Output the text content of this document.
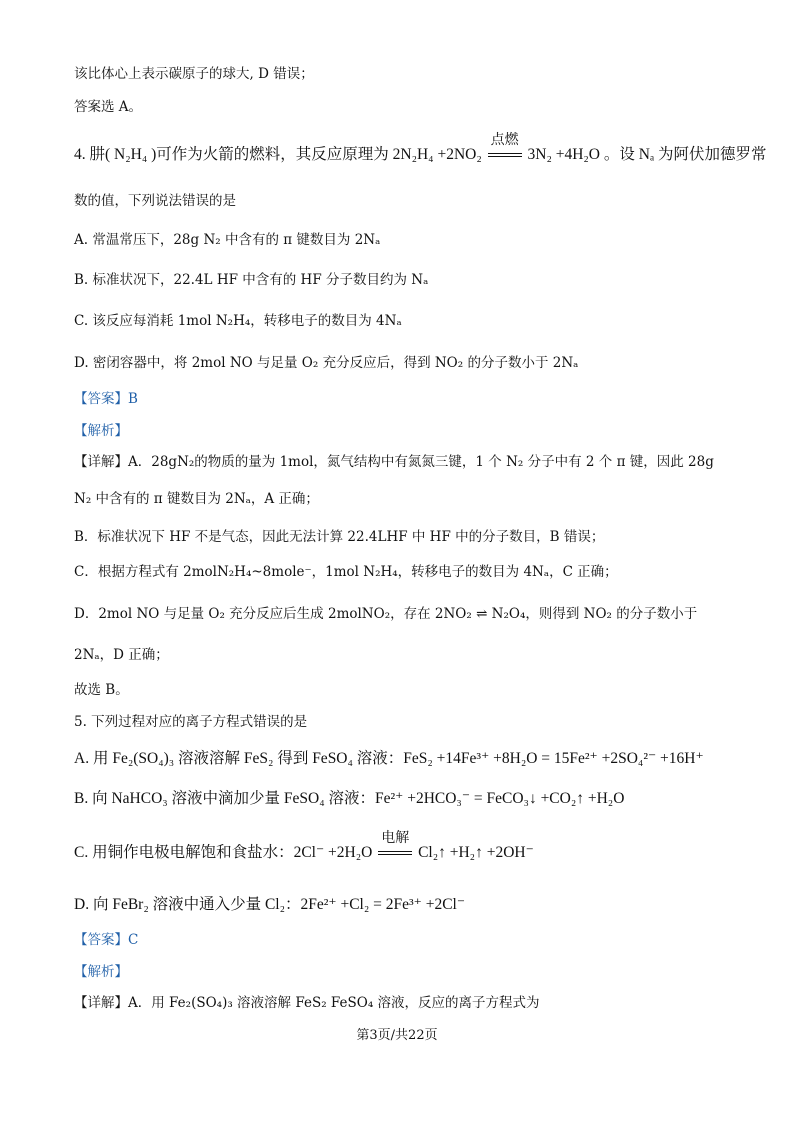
该比体心上表示碳原子的球大, D 错误；
答案选 A。
4. 肼( N₂H₄ )可作为火箭的燃料，其反应原理为 2N₂H₄ +2NO₂
点燃
3N₂ +4H₂O 。设 Nₐ 为阿伏加德罗常
数的值，下列说法错误的是
A. 常温常压下，28g N₂ 中含有的 π 键数目为 2Nₐ
B. 标准状况下，22.4L HF 中含有的 HF 分子数目约为 Nₐ
C. 该反应每消耗 1mol N₂H₄，转移电子的数目为 4Nₐ
D. 密闭容器中，将 2mol NO 与足量 O₂ 充分反应后，得到 NO₂ 的分子数小于 2Nₐ
【答案】B
【解析】
【详解】A．28gN₂的物质的量为 1mol，氮气结构中有氮氮三键，1 个 N₂ 分子中有 2 个 π 键，因此 28g
N₂ 中含有的 π 键数目为 2Nₐ，A 正确；
B．标准状况下 HF 不是气态，因此无法计算 22.4LHF 中 HF 中的分子数目，B 错误；
C．根据方程式有 2molN₂H₄~8mole⁻，1mol N₂H₄，转移电子的数目为 4Nₐ，C 正确；
D．2mol NO 与足量 O₂ 充分反应后生成 2molNO₂，存在 2NO₂ ⇌ N₂O₄，则得到 NO₂ 的分子数小于
2Nₐ，D 正确；
故选 B。
5. 下列过程对应的离子方程式错误的是
A. 用 Fe₂(SO₄)₃ 溶液溶解 FeS₂ 得到 FeSO₄ 溶液：FeS₂ +14Fe³⁺ +8H₂O = 15Fe²⁺ +2SO₄²⁻ +16H⁺
B. 向 NaHCO₃ 溶液中滴加少量 FeSO₄ 溶液：Fe²⁺ +2HCO₃⁻ = FeCO₃↓ +CO₂↑ +H₂O
C. 用铜作电极电解饱和食盐水：2Cl⁻ +2H₂O
电解
Cl₂↑ +H₂↑ +2OH⁻
D. 向 FeBr₂ 溶液中通入少量 Cl₂：2Fe²⁺ +Cl₂ = 2Fe³⁺ +2Cl⁻
【答案】C
【解析】
【详解】A．用 Fe₂(SO₄)₃ 溶液溶解 FeS₂ FeSO₄ 溶液，反应的离子方程式为
第3页/共22页
